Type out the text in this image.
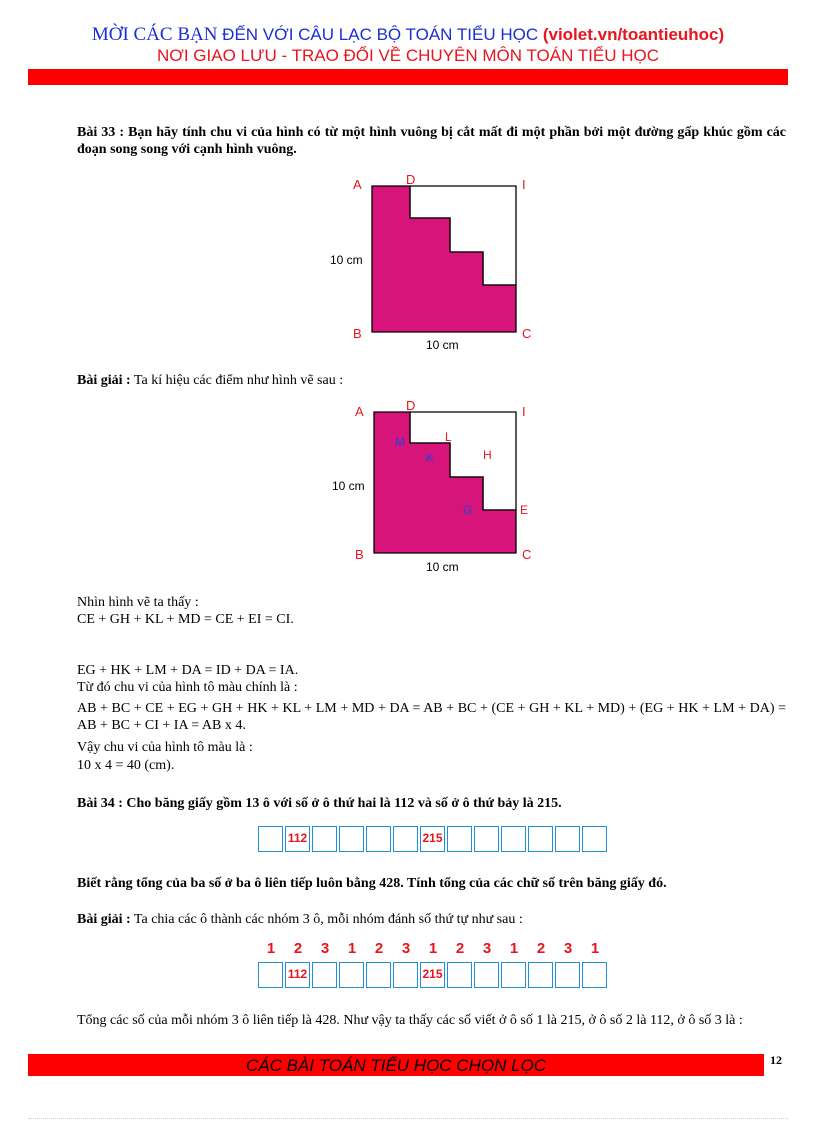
MỜI CÁC BẠN ĐẾN VỚI CÂU LẠC BỘ TOÁN TIỂU HỌC (violet.vn/toantieuhoc)
NƠI GIAO LƯU - TRAO ĐỔI VỀ CHUYÊN MÔN TOÁN TIỂU HỌC
Bài 33 : Bạn hãy tính chu vi của hình có từ một hình vuông bị cắt mất đi một phần bởi một đường gấp khúc gồm các đoạn song song với cạnh hình vuông.
A	D	I
B	C
10 cm
10 cm
Bài giải : Ta kí hiệu các điểm như hình vẽ sau :
A	D	I
B	C
M	L
K	H
G	E
10 cm
10 cm
Nhìn hình vẽ ta thấy :
CE + GH + KL + MD = CE + EI = CI.
EG + HK + LM + DA = ID + DA = IA.
Từ đó chu vi của hình tô màu chính là :
AB + BC + CE + EG + GH + HK + KL + LM + MD + DA = AB + BC + (CE + GH + KL + MD) + (EG + HK + LM + DA) = AB + BC + CI + IA = AB x 4.
Vậy chu vi của hình tô màu là :
10 x 4 = 40 (cm).
Bài 34 : Cho băng giấy gồm 13 ô với số ở ô thứ hai là 112 và số ở ô thứ bảy là 215.
112	215
Biết rằng tổng của ba số ở ba ô liên tiếp luôn bằng 428. Tính tổng của các chữ số trên băng giấy đó.
Bài giải : Ta chia các ô thành các nhóm 3 ô, mỗi nhóm đánh số thứ tự như sau :
1	2	3	1	2	3	1	2	3	1	2	3	1
112	215
Tổng các số của mỗi nhóm 3 ô liên tiếp là 428. Như vậy ta thấy các số viết ở ô số 1 là 215, ở ô số 2 là 112, ở ô số 3 là :
CÁC BÀI TOÁN TIỂU HỌC CHỌN LỌC	12
